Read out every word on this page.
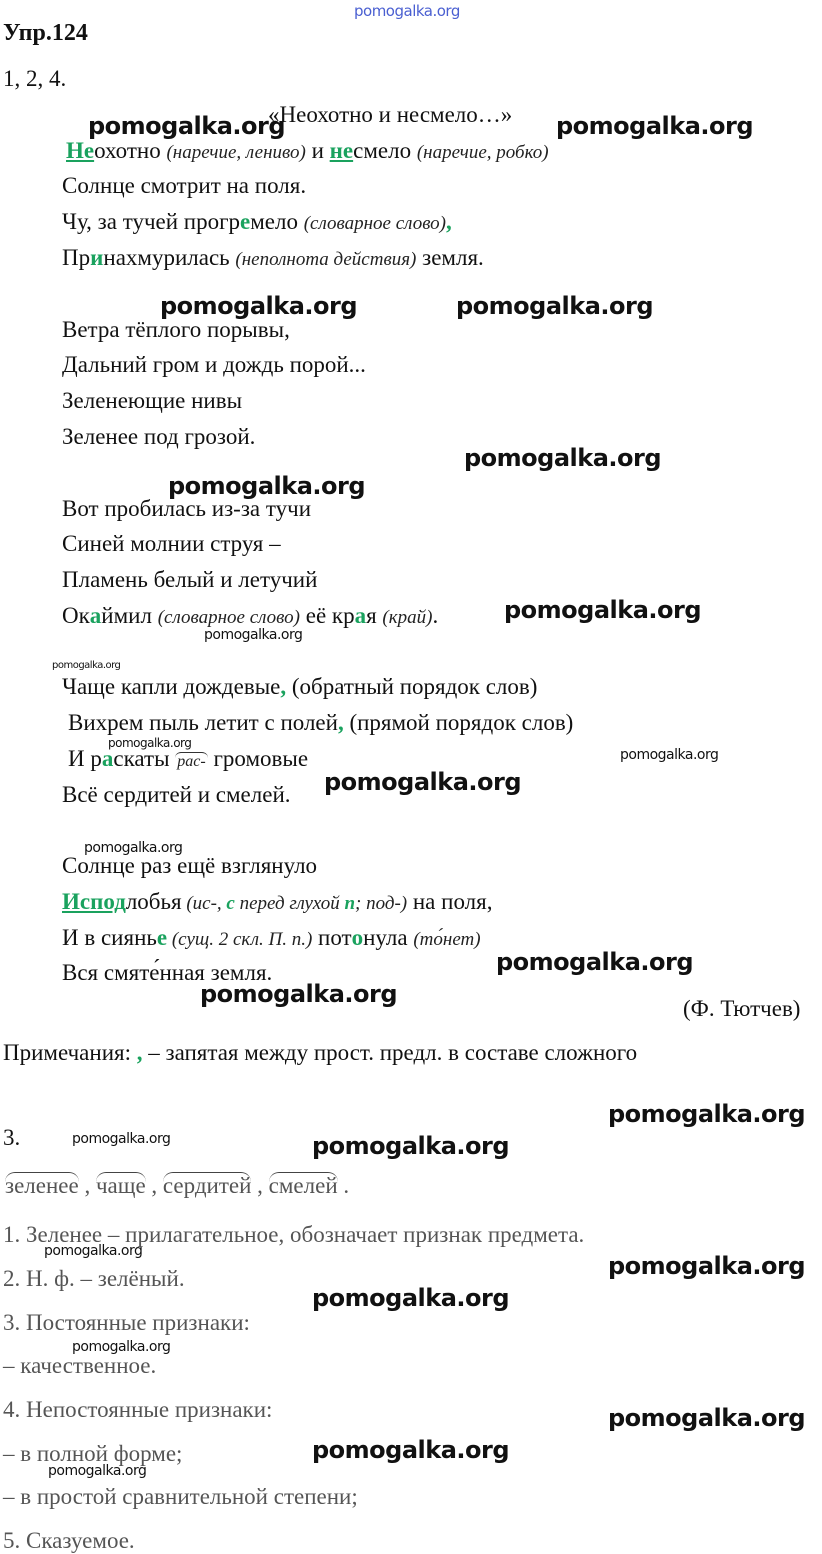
pomogalka.org
Упр.124
1, 2, 4.
«Неохотно и несмело…»
Неохотно (наречие, лениво) и несмело (наречие, робко)
Солнце смотрит на поля.
Чу, за тучей прогремело (словарное слово),
Принахмурилась (неполнота действия) земля.
Ветра тёплого порывы,
Дальний гром и дождь порой...
Зеленеющие нивы
Зеленее под грозой.
Вот пробилась из-за тучи
Синей молнии струя –
Пламень белый и летучий
Окаймил (словарное слово) её края (край).
Чаще капли дождевые, (обратный порядок слов)
Вихрем пыль летит с полей, (прямой порядок слов)
И раскаты рас- громовые
Всё сердитей и смелей.
Солнце раз ещё взглянуло
Исподлобья (ис-, с перед глухой п; под-) на поля,
И в сиянье (сущ. 2 скл. П. п.) потонула (то́нет)
Вся смяте́нная земля.
(Ф. Тютчев)
Примечания: , – запятая между прост. предл. в составе сложного
3.
зеленее , чаще , сердитей , смелей .
1. Зеленее – прилагательное, обозначает признак предмета.
2. Н. ф. – зелёный.
3. Постоянные признаки:
– качественное.
4. Непостоянные признаки:
– в полной форме;
– в простой сравнительной степени;
5. Сказуемое.
pomogalka.org	pomogalka.org
pomogalka.org	pomogalka.org
pomogalka.org
pomogalka.org
pomogalka.org
pomogalka.org
pomogalka.org
pomogalka.org
pomogalka.org
pomogalka.org
pomogalka.org
pomogalka.org
pomogalka.org
pomogalka.org
pomogalka.org	pomogalka.org
pomogalka.org
pomogalka.org
pomogalka.org
pomogalka.org
pomogalka.org
pomogalka.org
pomogalka.org
